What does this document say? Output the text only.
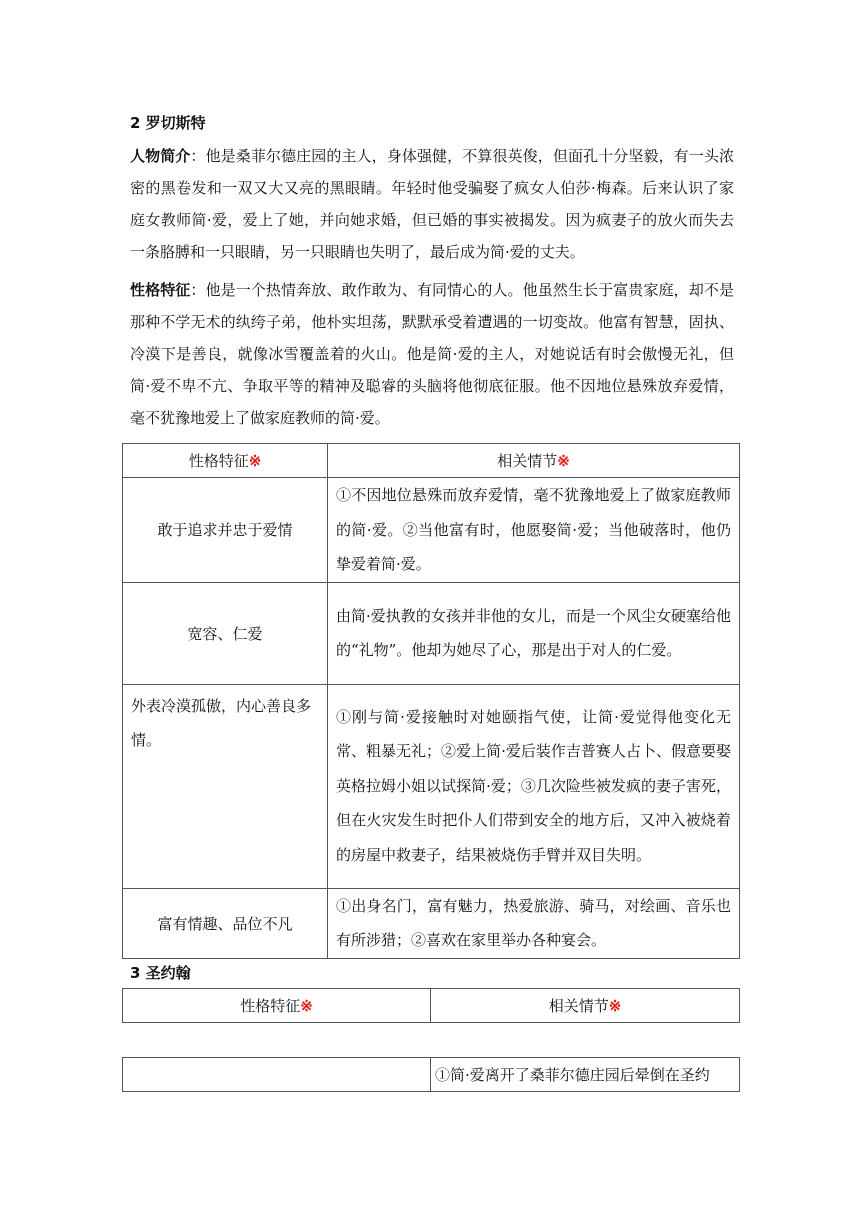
2 罗切斯特

人物简介：他是桑菲尔德庄园的主人，身体强健，不算很英俊，但面孔十分坚毅，有一头浓密的黑卷发和一双又大又亮的黑眼睛。年轻时他受骗娶了疯女人伯莎·梅森。后来认识了家庭女教师简·爱，爱上了她，并向她求婚，但已婚的事实被揭发。因为疯妻子的放火而失去一条胳膊和一只眼睛，另一只眼睛也失明了，最后成为简·爱的丈夫。

性格特征：他是一个热情奔放、敢作敢为、有同情心的人。他虽然生长于富贵家庭，却不是那种不学无术的纨绔子弟，他朴实坦荡，默默承受着遭遇的一切变故。他富有智慧，固执、冷漠下是善良，就像冰雪覆盖着的火山。他是简·爱的主人，对她说话有时会傲慢无礼，但简·爱不卑不亢、争取平等的精神及聪睿的头脑将他彻底征服。他不因地位悬殊放弃爱情，毫不犹豫地爱上了做家庭教师的简·爱。

性格特征※	相关情节※
敢于追求并忠于爱情	①不因地位悬殊而放弃爱情，毫不犹豫地爱上了做家庭教师的简·爱。②当他富有时，他愿娶简·爱；当他破落时，他仍挚爱着简·爱。
宽容、仁爱	由简·爱执教的女孩并非他的女儿，而是一个风尘女硬塞给他的“礼物”。他却为她尽了心，那是出于对人的仁爱。
外表冷漠孤傲，内心善良多情。	①刚与简·爱接触时对她颐指气使，让简·爱觉得他变化无常、粗暴无礼；②爱上简·爱后装作吉普赛人占卜、假意要娶英格拉姆小姐以试探简·爱；③几次险些被发疯的妻子害死，但在火灾发生时把仆人们带到安全的地方后，又冲入被烧着的房屋中救妻子，结果被烧伤手臂并双目失明。
富有情趣、品位不凡	①出身名门，富有魅力，热爱旅游、骑马，对绘画、音乐也有所涉猎；②喜欢在家里举办各种宴会。
3 圣约翰
性格特征※	相关情节※
	①简·爱离开了桑菲尔德庄园后晕倒在圣约
